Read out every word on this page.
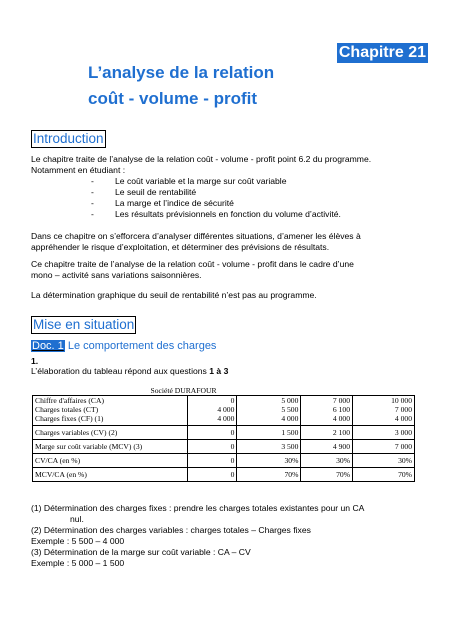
Chapitre 21
L’analyse de la relation
coût - volume - profit
Introduction
Le chapitre traite de l’analyse de la relation coût - volume - profit point 6.2 du programme.
Notamment en étudiant :
- Le coût variable et la marge sur coût variable
- Le seuil de rentabilité
- La marge et l’indice de sécurité
- Les résultats prévisionnels en fonction du volume d’activité.
Dans ce chapitre on s’efforcera d’analyser différentes situations, d’amener les élèves à
appréhender le risque d’exploitation, et déterminer des prévisions de résultats.
Ce chapitre traite de l’analyse de la relation coût - volume - profit dans le cadre d’une
mono – activité sans variations saisonnières.
La détermination graphique du seuil de rentabilité n’est pas au programme.
Mise en situation
Doc. 1 Le comportement des charges
1.
L’élaboration du tableau répond aux questions 1 à 3
Société DURAFOUR				
Chiffre d'affaires (CA)	0	5 000	7 000	10 000
Charges totales (CT)	4 000	5 500	6 100	7 000
Charges fixes (CF) (1)	4 000	4 000	4 000	4 000
Charges variables (CV) (2)	0	1 500	2 100	3 000
Marge sur coût variable (MCV) (3)	0	3 500	4 900	7 000
CV/CA (en %)	0	30%	30%	30%
MCV/CA (en %)	0	70%	70%	70%
(1) Détermination des charges fixes : prendre les charges totales existantes pour un CA
nul.
(2) Détermination des charges variables : charges totales – Charges fixes
Exemple : 5 500 – 4 000
(3) Détermination de la marge sur coût variable : CA – CV
Exemple : 5 000 – 1 500
